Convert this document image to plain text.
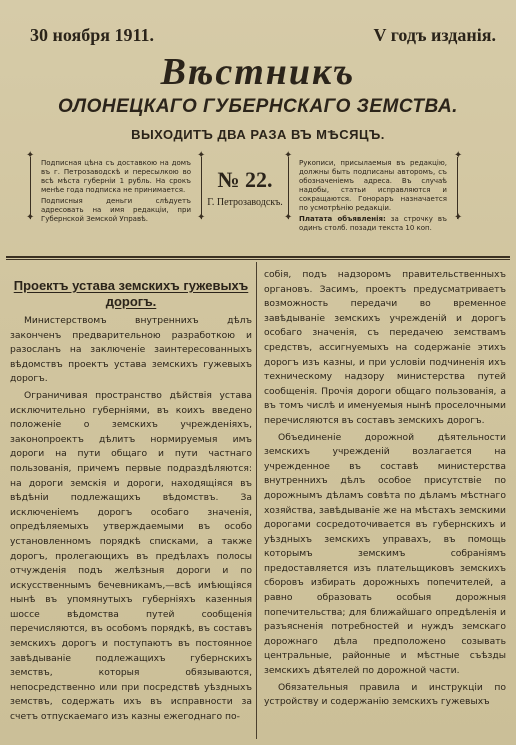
30 ноября 1911.	V годъ изданія.
Вѣстникъ
ОЛОНЕЦКАГО ГУБЕРНСКАГО ЗЕМСТВА.
ВЫХОДИТЪ ДВА РАЗА ВЪ МѢСЯЦЪ.
✦	✦	✦	✦
✦	✦	✦	✦

Подписная цѣна съ доставкою на домъ въ г. Петрозаводскѣ и пересылкою во всѣ мѣста губерніи 1 рубль. На срокъ менѣе года подписка не принимается.

Подписныя деньги слѣдуетъ адресовать на имя редакціи, при Губернской Земской Управѣ.

№ 22.
Г. Петрозаводскъ.

Рукописи, присылаемыя въ редакцію, должны быть подписаны авторомъ, съ обозначеніемъ адреса. Въ случаѣ надобы, статьи исправляются и сокращаются. Гонораръ назначается по усмотрѣнію редакціи.

Платата объявленія: за строчку въ одинъ столб. позади текста 10 коп.

Проектъ устава земскихъ гужевыхъ
дорогъ.

Министерствомъ внутреннихъ дѣлъ законченъ предварительною разработкою и разосланъ на заключеніе заинтересованныхъ вѣдомствъ проектъ устава земскихъ гужевыхъ дорогъ.

Ограничивая пространство дѣйствія устава исключительно губерніями, въ коихъ введено положеніе о земскихъ учрежденіяхъ, законопроектъ дѣлитъ нормируемыя имъ дороги на пути общаго и пути частнаго пользованія, причемъ первые подраздѣляются: на дороги земскія и дороги, находящіяся въ вѣдѣніи подлежащихъ вѣдомствъ. За исключеніемъ дорогъ особаго значенія, опредѣляемыхъ утверждаемыми въ особо установленномъ порядкѣ списками, а также дорогъ, пролегающихъ въ предѣлахъ полосы отчужденія подъ желѣзныя дороги и по искусственнымъ бечевникамъ,—всѣ имѣющіяся нынѣ въ упомянутыхъ губерніяхъ казенныя шоссе вѣдомства путей сообщенія перечисляются, въ особомъ порядкѣ, въ составъ земскихъ дорогъ и поступаютъ въ постоянное завѣдываніе подлежащихъ губернскихъ земствъ, которыя обязываются, непосредственно или при посредствѣ уѣздныхъ земствъ, содержать ихъ въ исправности за счетъ отпускаемаго изъ казны ежегоднаго по-

собія, подъ надзоромъ правительственныхъ органовъ. Засимъ, проектъ предусматриваетъ возможность передачи во временное завѣдываніе земскихъ учрежденій и дорогъ особаго значенія, съ передачею земствамъ средствъ, ассигнуемыхъ на содержаніе этихъ дорогъ изъ казны, и при условіи подчиненія ихъ техническому надзору министерства путей сообщенія. Прочія дороги общаго пользованія, а въ томъ числѣ и именуемыя нынѣ проселочными перечисляются въ составъ земскихъ дорогъ.

Объединеніе дорожной дѣятельности земскихъ учрежденій возлагается на учрежденное въ составѣ министерства внутреннихъ дѣлъ особое присутствіе по дорожнымъ дѣламъ совѣта по дѣламъ мѣстнаго хозяйства, завѣдываніе же на мѣстахъ земскими дорогами сосредоточивается въ губернскихъ и уѣздныхъ земскихъ управахъ, въ помощь которымъ земскимъ собраніямъ предоставляется изъ плательщиковъ земскихъ сборовъ избирать дорожныхъ попечителей, а равно образовать особыя дорожныя попечительства; для ближайшаго опредѣленія и разъясненія потребностей и нуждъ земскаго дорожнаго дѣла предположено созывать центральные, районные и мѣстные съѣзды земскихъ дѣятелей по дорожной части.

Обязательныя правила и инструкціи по устройству и содержанію земскихъ гужевыхъ
